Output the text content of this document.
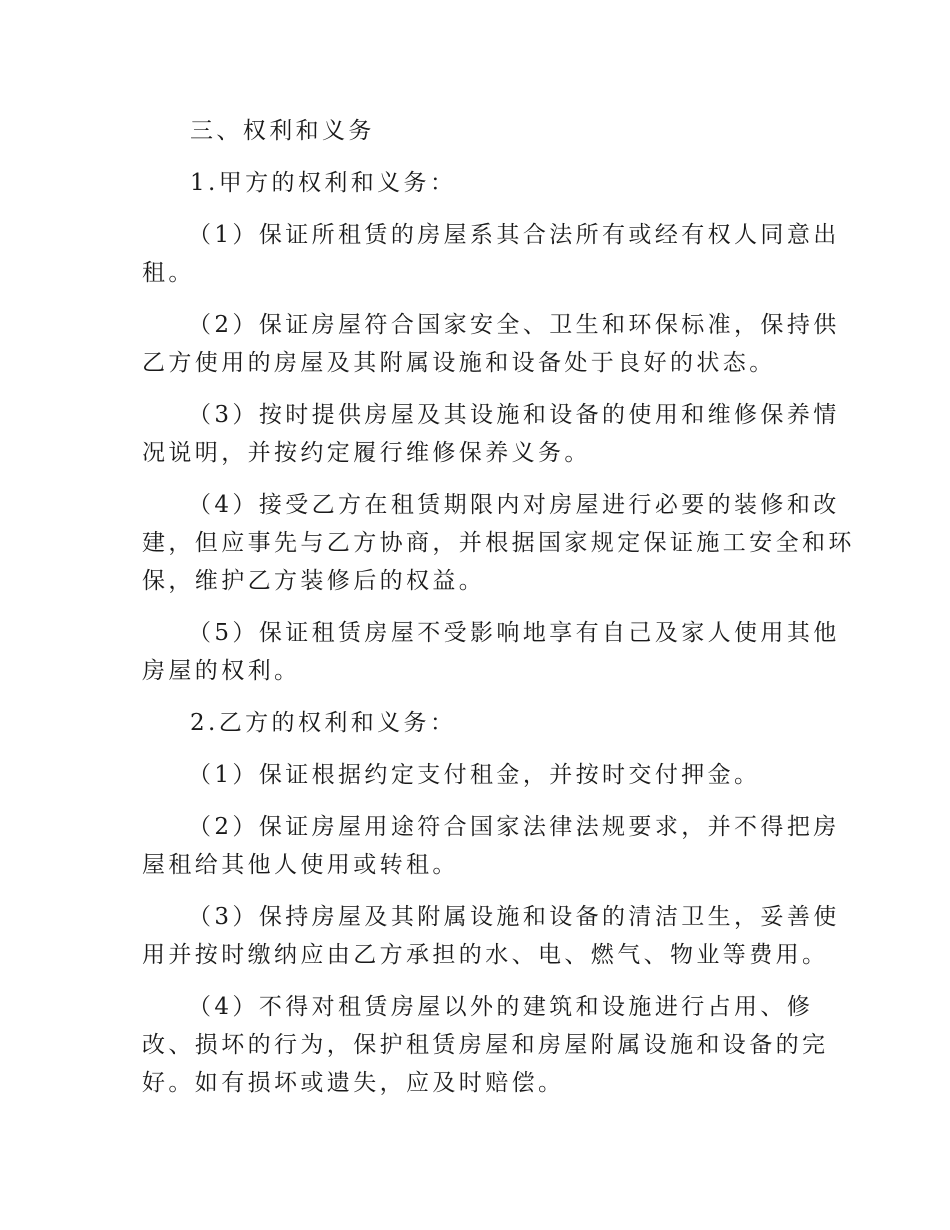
三、权利和义务

1.甲方的权利和义务：

（1）保证所租赁的房屋系其合法所有或经有权人同意出

租。

（2）保证房屋符合国家安全、卫生和环保标准，保持供

乙方使用的房屋及其附属设施和设备处于良好的状态。

（3）按时提供房屋及其设施和设备的使用和维修保养情

况说明，并按约定履行维修保养义务。

（4）接受乙方在租赁期限内对房屋进行必要的装修和改

建，但应事先与乙方协商，并根据国家规定保证施工安全和环

保，维护乙方装修后的权益。

（5）保证租赁房屋不受影响地享有自己及家人使用其他

房屋的权利。

2.乙方的权利和义务：

（1）保证根据约定支付租金，并按时交付押金。

（2）保证房屋用途符合国家法律法规要求，并不得把房

屋租给其他人使用或转租。

（3）保持房屋及其附属设施和设备的清洁卫生，妥善使

用并按时缴纳应由乙方承担的水、电、燃气、物业等费用。

（4）不得对租赁房屋以外的建筑和设施进行占用、修

改、损坏的行为，保护租赁房屋和房屋附属设施和设备的完

好。如有损坏或遗失，应及时赔偿。
